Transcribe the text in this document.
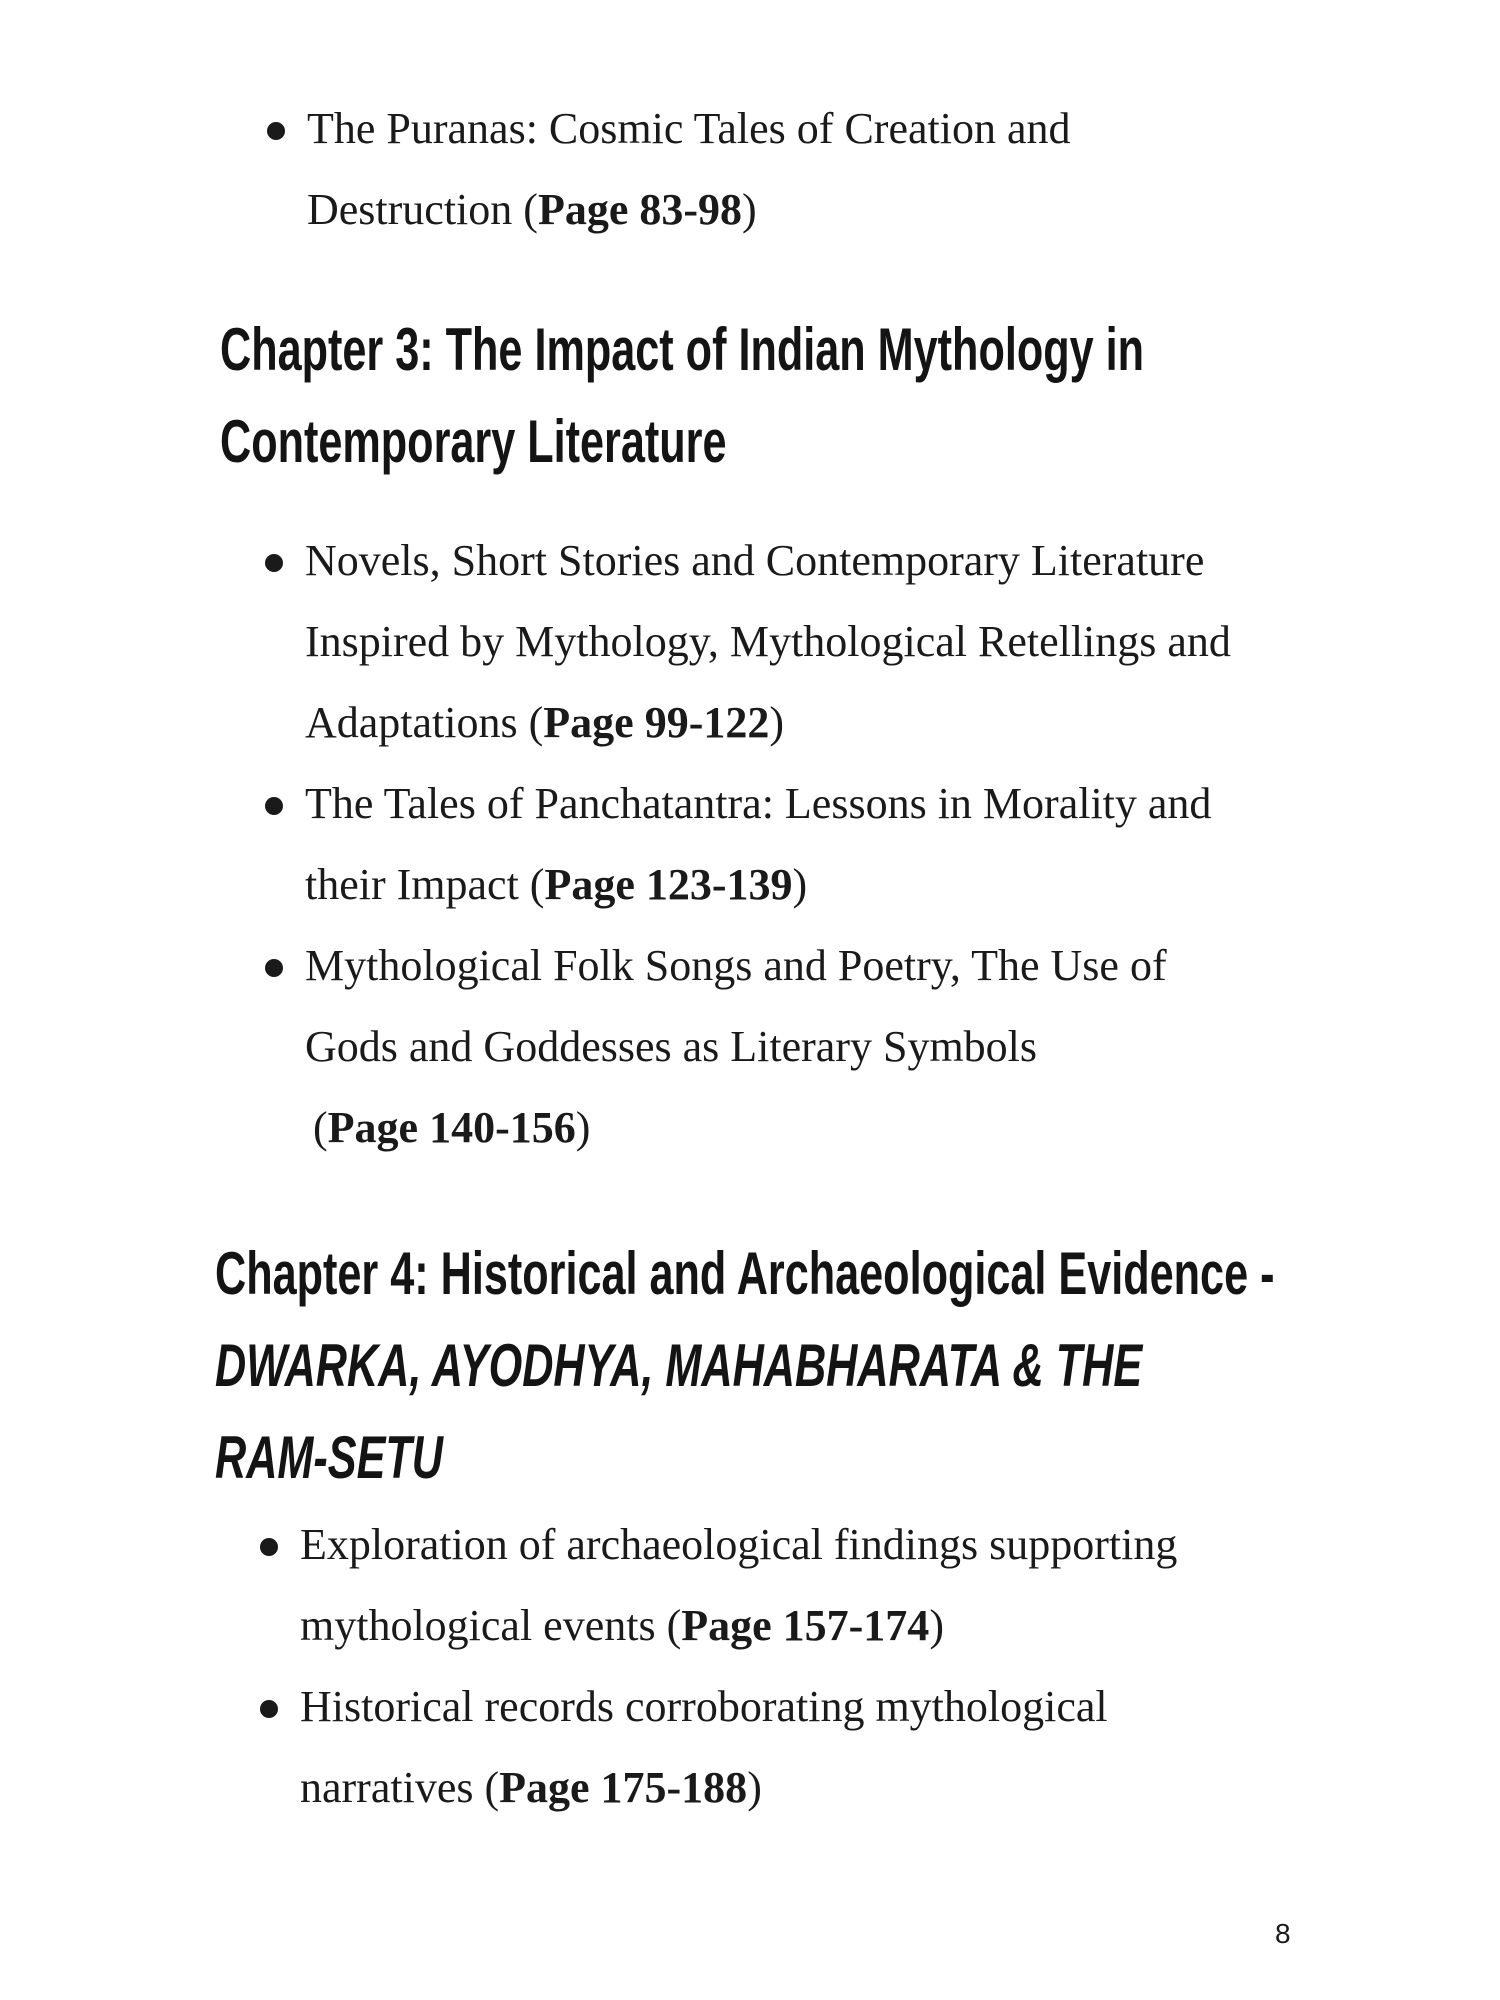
The Puranas: Cosmic Tales of Creation and
Destruction (Page 83-98)
Chapter 3: The Impact of Indian Mythology in
Contemporary Literature
Novels, Short Stories and Contemporary Literature
Inspired by Mythology, Mythological Retellings and
Adaptations (Page 99-122)
The Tales of Panchatantra: Lessons in Morality and
their Impact (Page 123-139)
Mythological Folk Songs and Poetry, The Use of
Gods and Goddesses as Literary Symbols
(Page 140-156)
Chapter 4: Historical and Archaeological Evidence -
DWARKA, AYODHYA, MAHABHARATA & THE
RAM-SETU
Exploration of archaeological findings supporting
mythological events (Page 157-174)
Historical records corroborating mythological
narratives (Page 175-188)
8
